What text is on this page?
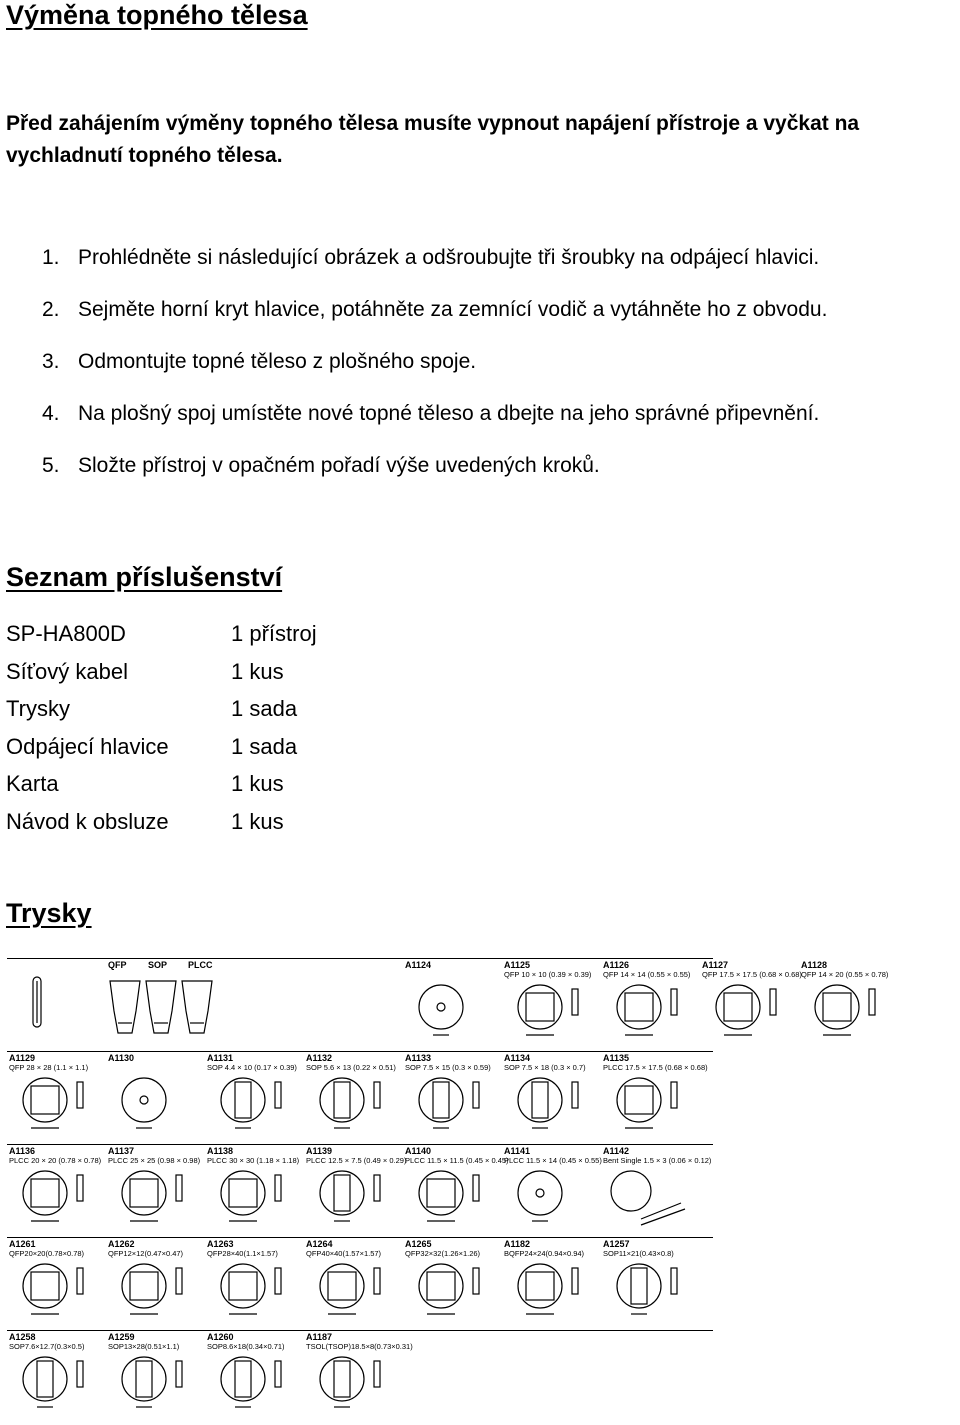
Výměna topného tělesa

Před zahájením výměny topného tělesa musíte vypnout napájení přístroje a vyčkat na vychladnutí topného tělesa.

1. Prohlédněte si následující obrázek a odšroubujte tři šroubky na odpájecí hlavici.
2. Sejměte horní kryt hlavice, potáhněte za zemnící vodič a vytáhněte ho z obvodu.
3. Odmontujte topné těleso z plošného spoje.
4. Na plošný spoj umístěte nové topné těleso a dbejte na jeho správné připevnění.
5. Složte přístroj v opačném pořadí výše uvedených kroků.
Seznam příslušenství
SP-HA800D	1 přístroj
Síťový kabel	1 kus
Trysky	1 sada
Odpájecí hlavice	1 sada
Karta	1 kus
Návod k obsluze	1 kus
Trysky
QFP SOP PLCC	A1124	A1125
QFP 10 × 10 (0.39 × 0.39)
A1126
QFP 14 × 14 (0.55 × 0.55)
A1127
QFP 17.5 × 17.5 (0.68 × 0.68)
A1128
QFP 14 × 20 (0.55 × 0.78)
A1129
QFP 28 × 28 (1.1 × 1.1)
A1130	A1131
SOP 4.4 × 10 (0.17 × 0.39)
A1132
SOP 5.6 × 13 (0.22 × 0.51)
A1133
SOP 7.5 × 15 (0.3 × 0.59)
A1134
SOP 7.5 × 18 (0.3 × 0.7)
A1135
PLCC 17.5 × 17.5 (0.68 × 0.68)
A1136
PLCC 20 × 20 (0.78 × 0.78)
A1137
PLCC 25 × 25 (0.98 × 0.98)
A1138
PLCC 30 × 30 (1.18 × 1.18)
A1139
PLCC 12.5 × 7.5 (0.49 × 0.29)
A1140
PLCC 11.5 × 11.5 (0.45 × 0.45)
A1141
PLCC 11.5 × 14 (0.45 × 0.55)
A1142
Bent Single 1.5 × 3 (0.06 × 0.12)
A1261
QFP20×20(0.78×0.78)
A1262
QFP12×12(0.47×0.47)
A1263
QFP28×40(1.1×1.57)
A1264
QFP40×40(1.57×1.57)
A1265
QFP32×32(1.26×1.26)
A1182
BQFP24×24(0.94×0.94)
A1257
SOP11×21(0.43×0.8)
A1258
SOP7.6×12.7(0.3×0.5)
A1259
SOP13×28(0.51×1.1)
A1260
SOP8.6×18(0.34×0.71)
A1187
TSOL(TSOP)18.5×8(0.73×0.31)
